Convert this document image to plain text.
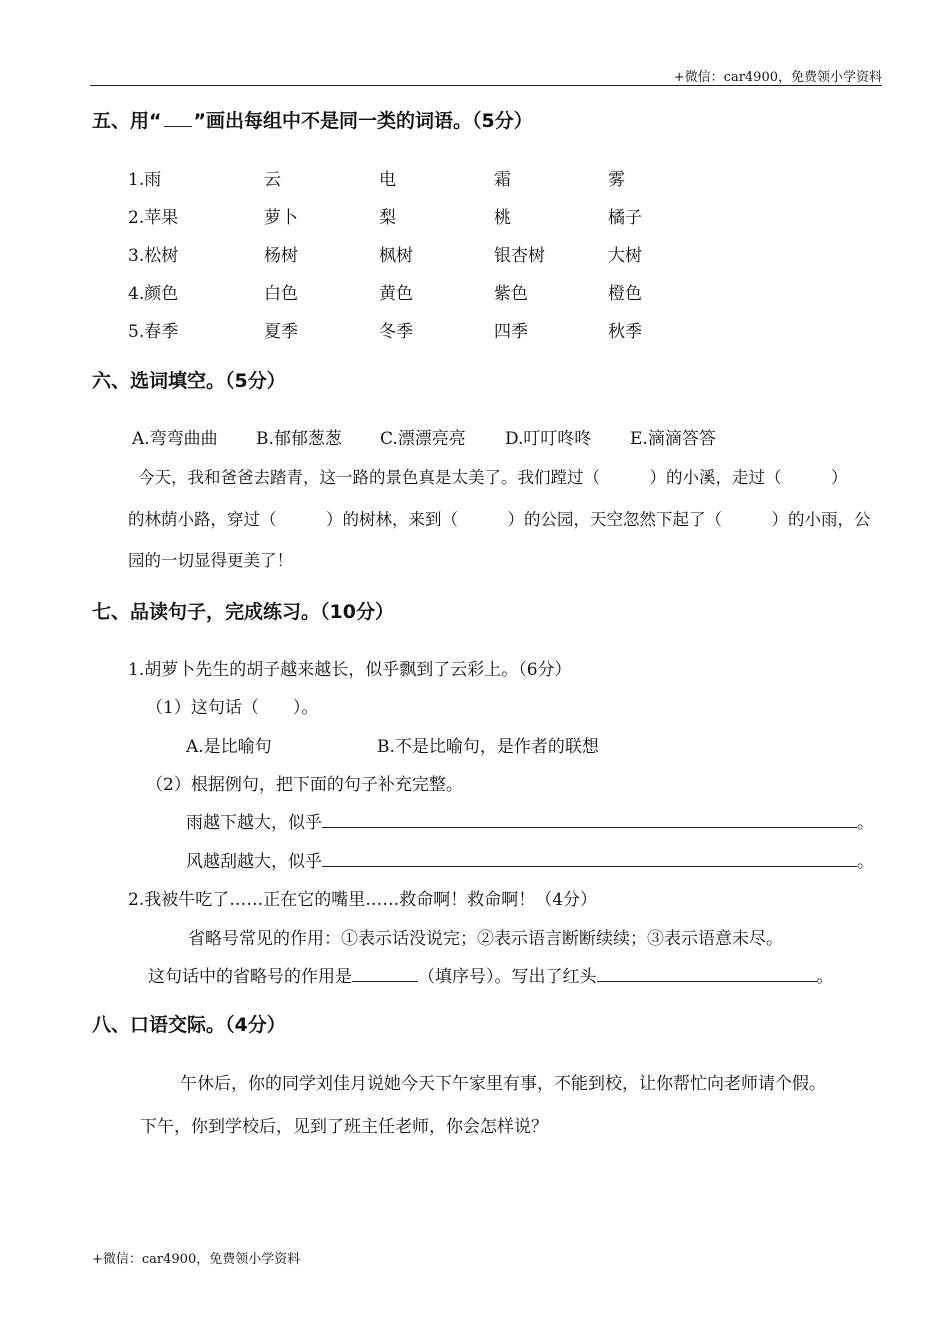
+微信：car4900，免费领小学资料
五、用“ ”画出每组中不是同一类的词语。（5分）
1.雨	云	电	霜	雾
2.苹果	萝卜	梨	桃	橘子
3.松树	杨树	枫树	银杏树	大树
4.颜色	白色	黄色	紫色	橙色
5.春季	夏季	冬季	四季	秋季
六、选词填空。（5分）
A.弯弯曲曲 B.郁郁葱葱 C.漂漂亮亮 D.叮叮咚咚 E.滴滴答答
今天，我和爸爸去踏青，这一路的景色真是太美了。我们蹚过（　　　）的小溪，走过（　　　）
的林荫小路，穿过（　　　）的树林，来到（　　　）的公园，天空忽然下起了（　　　）的小雨，公
园的一切显得更美了！
七、品读句子，完成练习。（10分）
1.胡萝卜先生的胡子越来越长，似乎飘到了云彩上。（6分）
（1）这句话（　　）。
A.是比喻句	B.不是比喻句，是作者的联想
（2）根据例句，把下面的句子补充完整。
雨越下越大，似乎	。
风越刮越大，似乎	。
2.我被牛吃了……正在它的嘴里……救命啊！救命啊！（4分）
省略号常见的作用：①表示话没说完；②表示语言断断续续；③表示语意未尽。
这句话中的省略号的作用是	（填序号）。写出了红头	。
八、口语交际。（4分）
午休后，你的同学刘佳月说她今天下午家里有事，不能到校，让你帮忙向老师请个假。
下午，你到学校后，见到了班主任老师，你会怎样说？
+微信：car4900，免费领小学资料
